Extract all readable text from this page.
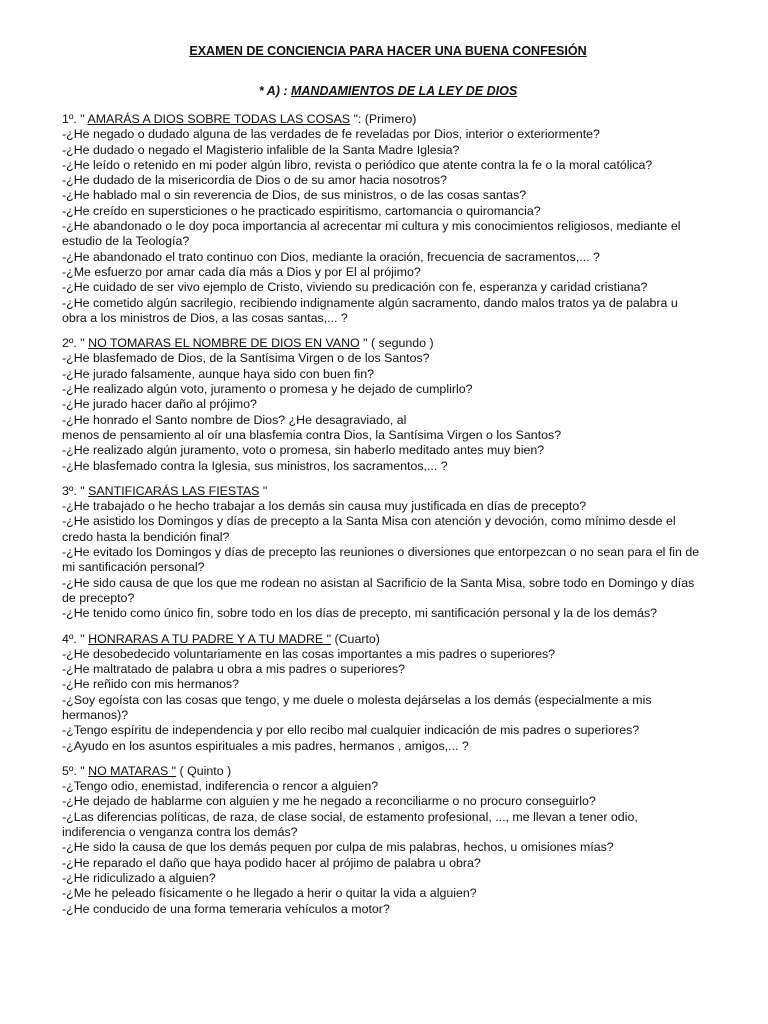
EXAMEN DE CONCIENCIA PARA HACER UNA BUENA CONFESIÓN
* A) : MANDAMIENTOS DE LA LEY DE DIOS
1º. " AMARÁS A DIOS SOBRE TODAS LAS COSAS ": (Primero)
-¿He negado o dudado alguna de las verdades de fe reveladas por Dios, interior o exteriormente?
-¿He dudado o negado el Magisterio infalible de la Santa Madre Iglesia?
-¿He leído o retenido en mi poder algún libro, revista o periódico que atente contra la fe o la moral católica?
-¿He dudado de la misericordia de Dios o de su amor hacia nosotros?
-¿He hablado mal o sin reverencia de Dios, de sus ministros, o de las cosas santas?
-¿He creído en supersticiones o he practicado espiritismo, cartomancia o quiromancia?
-¿He abandonado o le doy poca importancia al acrecentar mi cultura y mis conocimientos religiosos, mediante el
estudio de la Teología?
-¿He abandonado el trato continuo con Dios, mediante la oración, frecuencia de sacramentos,... ?
-¿Me esfuerzo por amar cada día más a Dios y por El al prójimo?
-¿He cuidado de ser vivo ejemplo de Cristo, viviendo su predicación con fe, esperanza y caridad cristiana?
-¿He cometido algún sacrilegio, recibiendo indignamente algún sacramento, dando malos tratos ya de palabra u
obra a los ministros de Dios, a las cosas santas,... ?
2º. " NO TOMARAS EL NOMBRE DE DIOS EN VANO " ( segundo )
-¿He blasfemado de Dios, de la Santísima Virgen o de los Santos?
-¿He jurado falsamente, aunque haya sido con buen fin?
-¿He realizado algún voto, juramento o promesa y he dejado de cumplirlo?
-¿He jurado hacer daño al prójimo?
-¿He honrado el Santo nombre de Dios? ¿He desagraviado, al
menos de pensamiento al oír una blasfemia contra Dios, la Santísima Virgen o los Santos?
-¿He realizado algún juramento, voto o promesa, sin haberlo meditado antes muy bien?
-¿He blasfemado contra la Iglesia, sus ministros, los sacramentos,... ?
3º. " SANTIFICARÁS LAS FIESTAS "
-¿He trabajado o he hecho trabajar a los demás sin causa muy justificada en días de precepto?
-¿He asistido los Domingos y días de precepto a la Santa Misa con atención y devoción, como mínimo desde el
credo hasta la bendición final?
-¿He evitado los Domingos y días de precepto las reuniones o diversiones que entorpezcan o no sean para el fin de
mi santificación personal?
-¿He sido causa de que los que me rodean no asistan al Sacrificio de la Santa Misa, sobre todo en Domingo y días
de precepto?
-¿He tenido como único fin, sobre todo en los días de precepto, mi santificación personal y la de los demás?
4º. " HONRARAS A TU PADRE Y A TU MADRE " (Cuarto)
-¿He desobedecido voluntariamente en las cosas importantes a mis padres o superiores?
-¿He maltratado de palabra u obra a mis padres o superiores?
-¿He reñido con mis hermanos?
-¿Soy egoísta con las cosas que tengo, y me duele o molesta dejárselas a los demás (especialmente a mis
hermanos)?
-¿Tengo espíritu de independencia y por ello recibo mal cualquier indicación de mis padres o superiores?
-¿Ayudo en los asuntos espirituales a mis padres, hermanos , amigos,... ?
5º. " NO MATARAS " ( Quinto )
-¿Tengo odio, enemistad, indiferencia o rencor a alguien?
-¿He dejado de hablarme con alguien y me he negado a reconciliarme o no procuro conseguirlo?
-¿Las diferencias políticas, de raza, de clase social, de estamento profesional, ..., me llevan a tener odio,
indiferencia o venganza contra los demás?
-¿He sido la causa de que los demás pequen por culpa de mis palabras, hechos, u omisiones mías?
-¿He reparado el daño que haya podido hacer al prójimo de palabra u obra?
-¿He ridiculizado a alguien?
-¿Me he peleado físicamente o he llegado a herir o quitar la vida a alguien?
-¿He conducido de una forma temeraria vehículos a motor?
